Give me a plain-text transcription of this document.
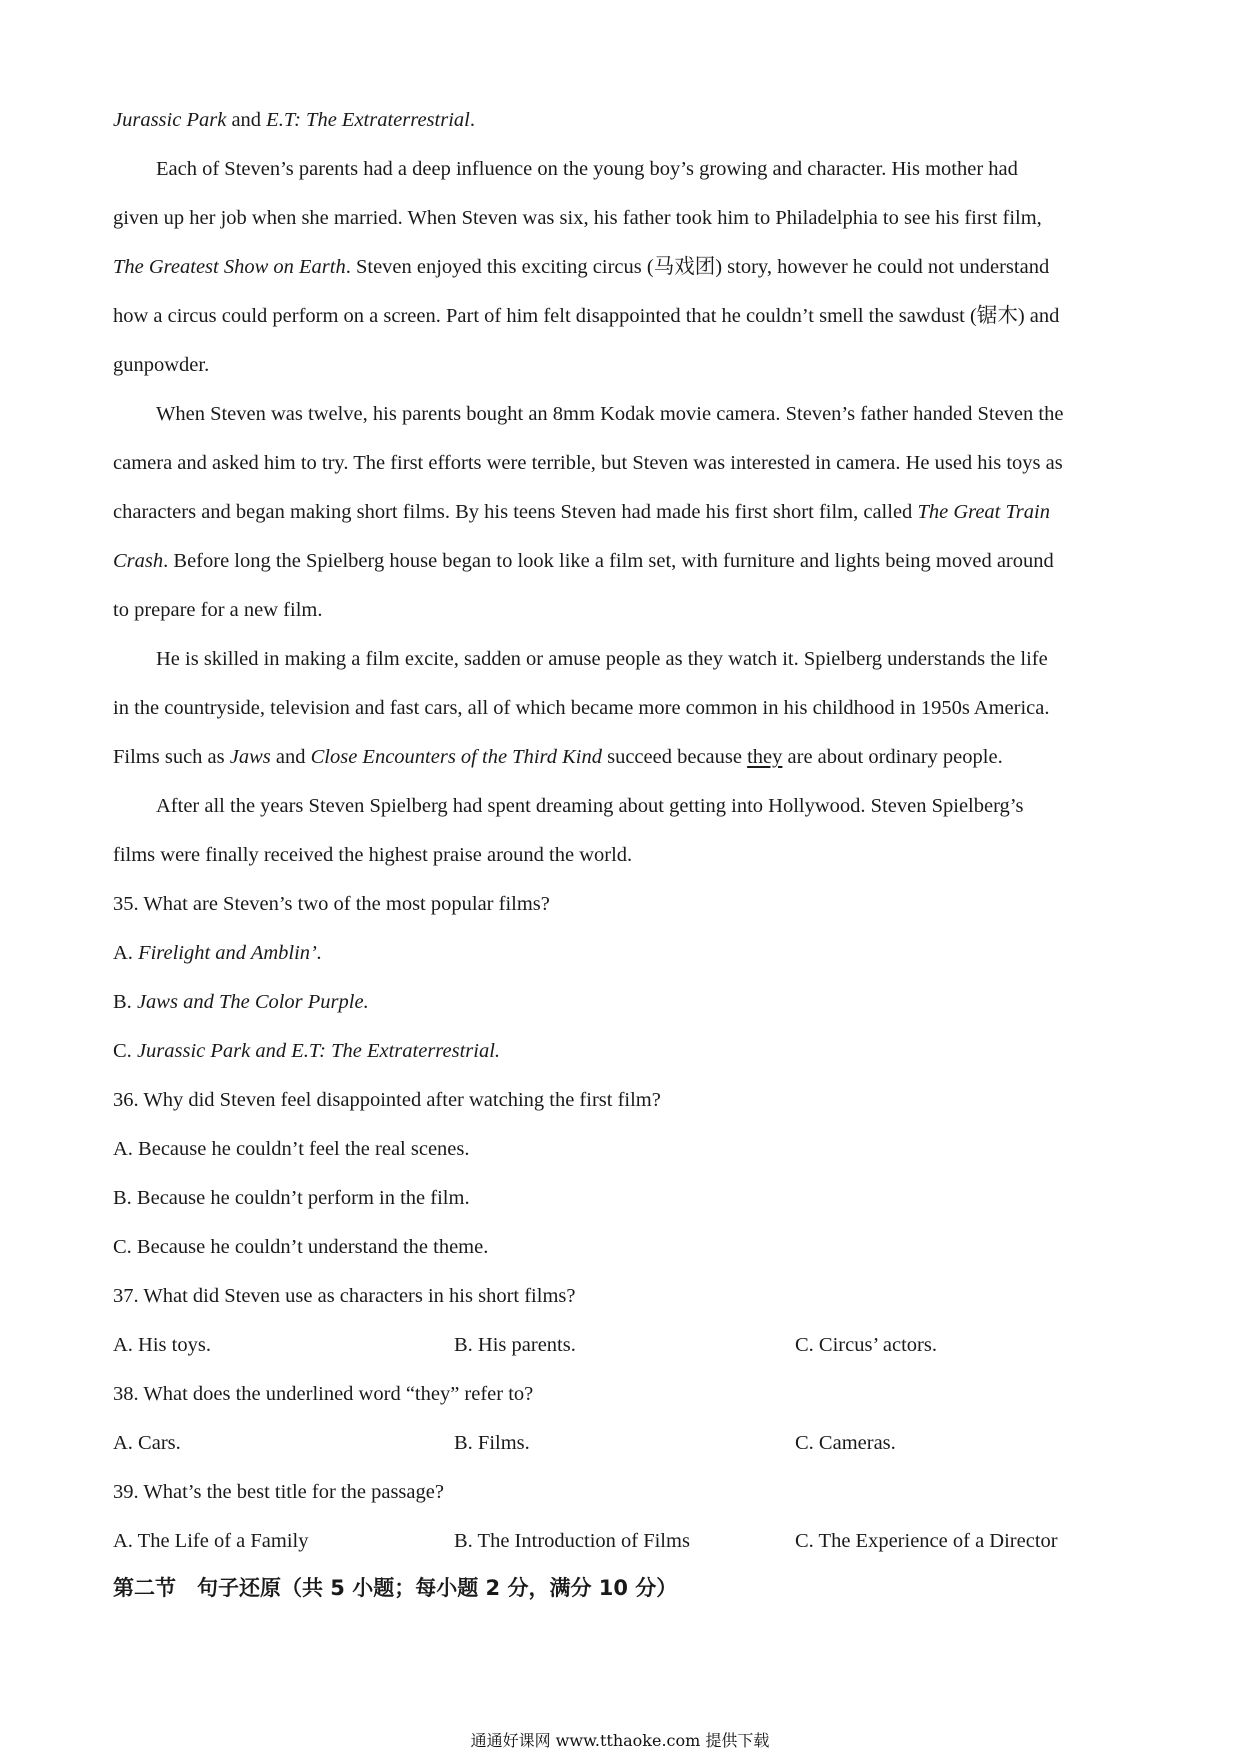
Jurassic Park and E.T: The Extraterrestrial.
Each of Steven’s parents had a deep influence on the young boy’s growing and character. His mother had
given up her job when she married. When Steven was six, his father took him to Philadelphia to see his first film,
The Greatest Show on Earth. Steven enjoyed this exciting circus (马戏团) story, however he could not understand
how a circus could perform on a screen. Part of him felt disappointed that he couldn’t smell the sawdust (锯木) and
gunpowder.
When Steven was twelve, his parents bought an 8mm Kodak movie camera. Steven’s father handed Steven the
camera and asked him to try. The first efforts were terrible, but Steven was interested in camera. He used his toys as
characters and began making short films. By his teens Steven had made his first short film, called The Great Train
Crash. Before long the Spielberg house began to look like a film set, with furniture and lights being moved around
to prepare for a new film.
He is skilled in making a film excite, sadden or amuse people as they watch it. Spielberg understands the life
in the countryside, television and fast cars, all of which became more common in his childhood in 1950s America.
Films such as Jaws and Close Encounters of the Third Kind succeed because they are about ordinary people.
After all the years Steven Spielberg had spent dreaming about getting into Hollywood. Steven Spielberg’s
films were finally received the highest praise around the world.
35. What are Steven’s two of the most popular films?
A. Firelight and Amblin’.
B. Jaws and The Color Purple.
C. Jurassic Park and E.T: The Extraterrestrial.
36. Why did Steven feel disappointed after watching the first film?
A. Because he couldn’t feel the real scenes.
B. Because he couldn’t perform in the film.
C. Because he couldn’t understand the theme.
37. What did Steven use as characters in his short films?
A. His toys.	B. His parents.	C. Circus’ actors.
38. What does the underlined word “they” refer to?
A. Cars.	B. Films.	C. Cameras.
39. What’s the best title for the passage?
A. The Life of a Family	B. The Introduction of Films	C. The Experience of a Director
第二节　句子还原（共 5 小题；每小题 2 分，满分 10 分）
通通好课网 www.tthaoke.com 提供下载
